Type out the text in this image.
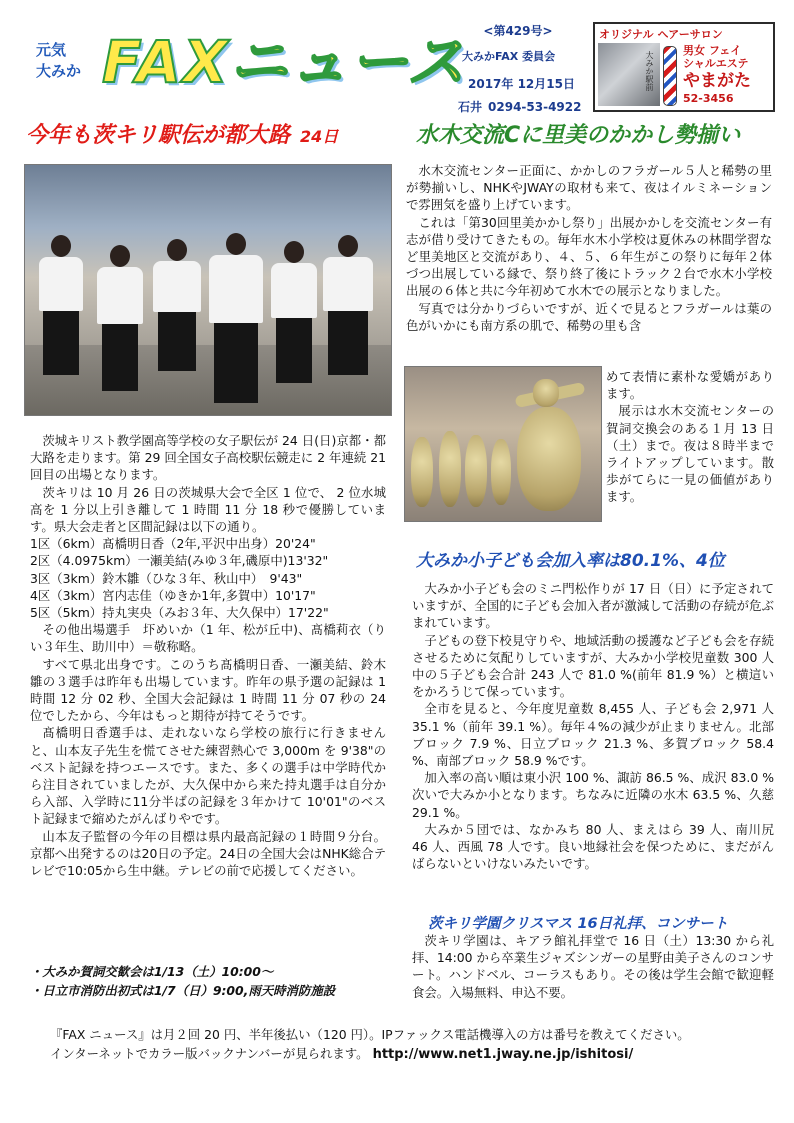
元気
大みか FAXニュース	<第429号>
大みかFAX 委員会
2017年 12月15日
石井 0294-53-4922
オリジナル ヘアーサロン
大みか駅前
男女 フェイ
シャルエステ
やまがた
52-3456
今年も茨キリ駅伝が都大路 24日	水木交流Cに里美のかかし勢揃い

茨城キリスト教学園高等学校の女子駅伝が 24 日(日)京都・都大路を走ります。第 29 回全国女子高校駅伝競走に 2 年連続 21 回目の出場となります。

茨キリは 10 月 26 日の茨城県大会で全区 1 位で、 2 位水城高を 1 分以上引き離して 1 時間 11 分 18 秒で優勝しています。県大会走者と区間記録は以下の通り。

1区（6km）髙橋明日香（2年,平沢中出身）20'24"
2区（4.0975km）一瀬美結(みゆ３年,磯原中)13'32"
3区（3km）鈴木雛（ひな３年、秋山中）　9'43"
4区（3km）宮内志佳（ゆきか1年,多賀中）10'17"
5区（5km）持丸実央（みお３年、大久保中）17'22"

その他出場選手　圷めいか（1 年、松が丘中)、髙橋莉衣（りい３年生、助川中）＝敬称略。

すべて県北出身です。このうち髙橋明日香、一瀬美結、鈴木雛の３選手は昨年も出場しています。昨年の県予選の記録は 1 時間 12 分 02 秒、全国大会記録は 1 時間 11 分 07 秒の 24 位でしたから、今年はもっと期待が持てそうです。

髙橋明日香選手は、走れないなら学校の旅行に行きませんと、山本友子先生を慌てさせた練習熱心で 3,000m を 9'38"のベスト記録を持つエースです。また、多くの選手は中学時代から注目されていましたが、大久保中から来た持丸選手は自分から入部、入学時に11分半ばの記録を３年かけて 10'01"のベスト記録まで縮めたがんばりやです。

山本友子監督の今年の目標は県内最高記録の１時間９分台。京都へ出発するのは20日の予定。24日の全国大会はNHK総合テレビで10:05から生中継。テレビの前で応援してください。

・大みか賀詞交歓会は1/13（土）10:00～
・日立市消防出初式は1/7（日）9:00,雨天時消防施設

水木交流センター正面に、かかしのフラガール５人と稀勢の里が勢揃いし、NHKやJWAYの取材も来て、夜はイルミネーションで雰囲気を盛り上げています。

これは「第30回里美かかし祭り」出展かかしを交流センター有志が借り受けてきたもの。毎年水木小学校は夏休みの林間学習など里美地区と交流があり、４、５、６年生がこの祭りに毎年２体づつ出展している縁で、祭り終了後にトラック２台で水木小学校出展の６体と共に今年初めて水木での展示となりました。

写真では分かりづらいですが、近くで見るとフラガールは葉の色がいかにも南方系の肌で、稀勢の里も含

めて表情に素朴な愛嬌があります。

展示は水木交流センターの賀詞交換会のある１月 13 日（土）まで。夜は８時半までライトアップしています。散歩がてらに一見の価値があります。

大みか小子ども会加入率は80.1%、4位

大みか小子ども会のミニ門松作りが 17 日（日）に予定されていますが、全国的に子ども会加入者が激減して活動の存続が危ぶまれています。

子どもの登下校見守りや、地域活動の援護など子ども会を存続させるために気配りしていますが、大みか小学校児童数 300 人中の５子ども会合計 243 人で 81.0 %(前年 81.9 %）と横這いをかろうじて保っています。

全市を見ると、今年度児童数 8,455 人、子ども会 2,971 人 35.1 %（前年 39.1 %）。毎年４%の減少が止まりません。北部ブロック 7.9 %、日立ブロック 21.3 %、多賀ブロック 58.4 %、南部ブロック 58.9 %です。

加入率の高い順は東小沢 100 %、諏訪 86.5 %、成沢 83.0 %次いで大みか小となります。ちなみに近隣の水木 63.5 %、久慈 29.1 %。

大みか５団では、なかみち 80 人、まえはら 39 人、南川尻 46 人、西風 78 人です。良い地縁社会を保つために、まだがんばらないといけないみたいです。

茨キリ学園クリスマス 16日礼拝、コンサート

茨キリ学園は、キアラ館礼拝堂で 16 日（土）13:30 から礼拝、14:00 から卒業生ジャズシンガーの星野由美子さんのコンサート。ハンドベル、コーラスもあり。その後は学生会館で歓迎軽食会。入場無料、申込不要。

『FAX ニュース』は月２回 20 円、半年後払い（120 円）。IPファックス電話機導入の方は番号を教えてください。
インターネットでカラー版バックナンバーが見られます。 http://www.net1.jway.ne.jp/ishitosi/
